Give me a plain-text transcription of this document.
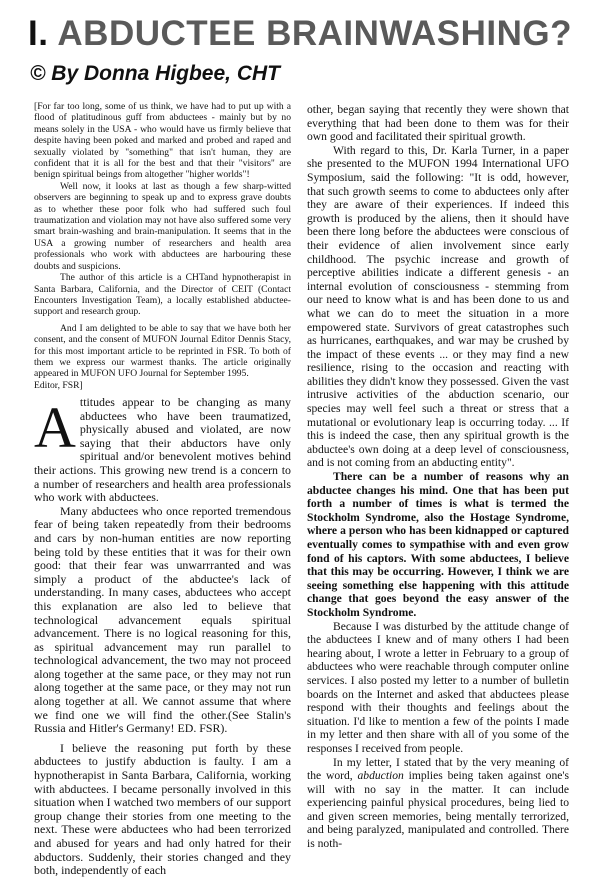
I. ABDUCTEE BRAINWASHING?
© By Donna Higbee, CHT

[For far too long, some of us think, we have had to put up with a flood of platitudinous guff from abductees - mainly but by no means solely in the USA - who would have us firmly believe that despite having been poked and marked and probed and raped and sexually violated by "something" that isn't human, they are confident that it is all for the best and that their "visitors" are benign spiritual beings from altogether "higher worlds"!

Well now, it looks at last as though a few sharp-witted observers are beginning to speak up and to express grave doubts as to whether these poor folk who had suffered such foul traumatization and violation may not have also suffered some very smart brain-washing and brain-manipulation. It seems that in the USA a growing number of researchers and health area professionals who work with abductees are harbouring these doubts and suspicions.

The author of this article is a CHTand hypnotherapist in Santa Barbara, California, and the Director of CEIT (Contact Encounters Investigation Team), a locally established abductee-support and research group.

And I am delighted to be able to say that we have both her consent, and the consent of MUFON Journal Editor Dennis Stacy, for this most important article to be reprinted in FSR. To both of them we express our warmest thanks. The article originally appeared in MUFON UFO Journal for September 1995.

Editor, FSR]

Attitudes appear to be changing as many abductees who have been traumatized, physically abused and violated, are now saying that their abductors have only spiritual and/or benevolent motives behind their actions. This growing new trend is a concern to a number of researchers and health area professionals who work with abductees.

Many abductees who once reported tremendous fear of being taken repeatedly from their bedrooms and cars by non-human entities are now reporting being told by these entities that it was for their own good: that their fear was unwarrranted and was simply a product of the abductee's lack of understanding. In many cases, abductees who accept this explanation are also led to believe that technological advancement equals spiritual advancement. There is no logical reasoning for this, as spiritual advancement may run parallel to technological advancement, the two may not proceed along together at the same pace, or they may not run along together at the same pace, or they may not run along together at all. We cannot assume that where we find one we will find the other.(See Stalin's Russia and Hitler's Germany! ED. FSR).

I believe the reasoning put forth by these abductees to justify abduction is faulty. I am a hypnotherapist in Santa Barbara, California, working with abductees. I became personally involved in this situation when I watched two members of our support group change their stories from one meeting to the next. These were abductees who had been terrorized and abused for years and had only hatred for their abductors. Suddenly, their stories changed and they both, independently of each

other, began saying that recently they were shown that everything that had been done to them was for their own good and facilitated their spiritual growth.

With regard to this, Dr. Karla Turner, in a paper she presented to the MUFON 1994 International UFO Symposium, said the following: "It is odd, however, that such growth seems to come to abductees only after they are aware of their experiences. If indeed this growth is produced by the aliens, then it should have been there long before the abductees were conscious of their evidence of alien involvement since early childhood. The psychic increase and growth of perceptive abilities indicate a different genesis - an internal evolution of consciousness - stemming from our need to know what is and has been done to us and what we can do to meet the situation in a more empowered state. Survivors of great catastrophes such as hurricanes, earthquakes, and war may be crushed by the impact of these events ... or they may find a new resilience, rising to the occasion and reacting with abilities they didn't know they possessed. Given the vast intrusive activities of the abduction scenario, our species may well feel such a threat or stress that a mutational or evolutionary leap is occurring today. ... If this is indeed the case, then any spiritual growth is the abductee's own doing at a deep level of consciousness, and is not coming from an abducting entity".

There can be a number of reasons why an abductee changes his mind. One that has been put forth a number of times is what is termed the Stockholm Syndrome, also the Hostage Syndrome, where a person who has been kidnapped or captured eventually comes to sympathise with and even grow fond of his captors. With some abductees, I believe that this may be occurring. However, I think we are seeing something else happening with this attitude change that goes beyond the easy answer of the Stockholm Syndrome.

Because I was disturbed by the attitude change of the abductees I knew and of many others I had been hearing about, I wrote a letter in February to a group of abductees who were reachable through computer online services. I also posted my letter to a number of bulletin boards on the Internet and asked that abductees please respond with their thoughts and feelings about the situation. I'd like to mention a few of the points I made in my letter and then share with all of you some of the responses I received from people.

In my letter, I stated that by the very meaning of the word, abduction implies being taken against one's will with no say in the matter. It can include experiencing painful physical procedures, being lied to and given screen memories, being mentally terrorized, and being paralyzed, manipulated and controlled. There is noth-
